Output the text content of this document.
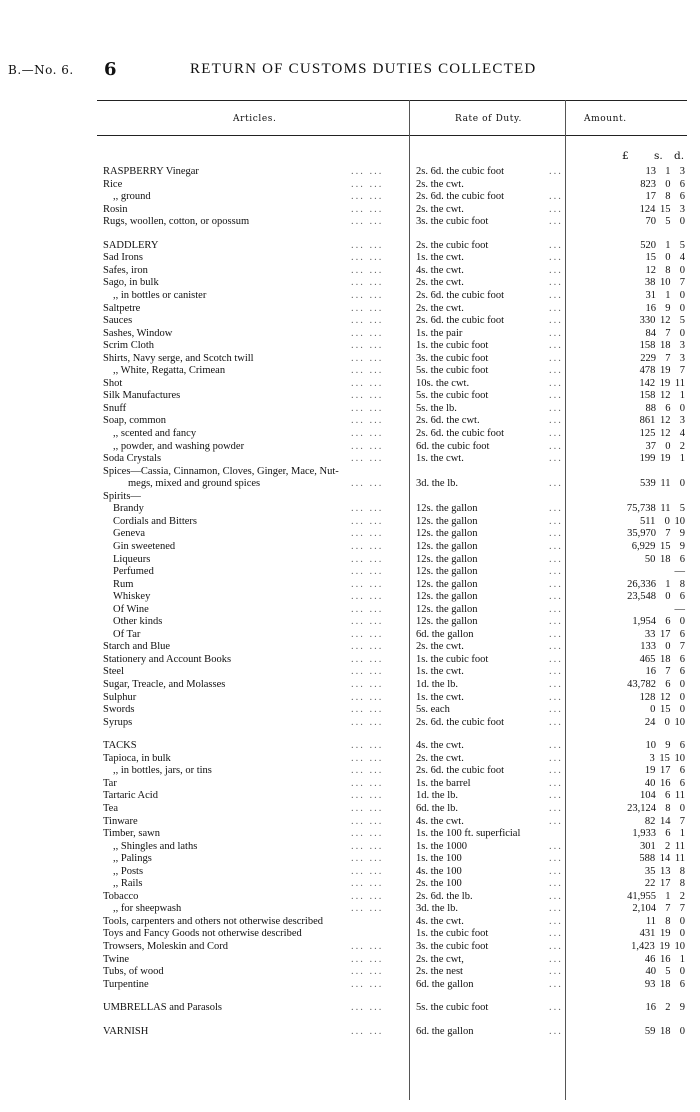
B.—No. 6. 6	RETURN OF CUSTOMS DUTIES COLLECTED
Articles.	Rate of Duty.	Amount.
£ s. d.
RASPBERRY Vinegar	... ...	2s. 6d. the cubic foot	...	13  1  3
Rice	... ...	2s. the cwt.	823  0  6
,, ground	... ...	2s. 6d. the cubic foot	...	17  8  6
Rosin	... ...	2s. the cwt.	...	124 15  3
Rugs, woollen, cotton, or opossum	... ...	3s. the cubic foot	...	70  5  0
SADDLERY	... ...	2s. the cubic foot	...	520  1  5
Sad Irons	... ...	1s. the cwt.	...	15  0  4
Safes, iron	... ...	4s. the cwt.	...	12  8  0
Sago, in bulk	... ...	2s. the cwt.	...	38 10  7
,, in bottles or canister	... ...	2s. 6d. the cubic foot	...	31  1  0
Saltpetre	... ...	2s. the cwt.	...	16  9  0
Sauces	... ...	2s. 6d. the cubic foot	...	330 12  5
Sashes, Window	... ...	1s. the pair	...	84  7  0
Scrim Cloth	... ...	1s. the cubic foot	...	158 18  3
Shirts, Navy serge, and Scotch twill	... ...	3s. the cubic foot	...	229  7  3
,, White, Regatta, Crimean	... ...	5s. the cubic foot	...	478 19  7
Shot	... ...	10s. the cwt.	...	142 19 11
Silk Manufactures	... ...	5s. the cubic foot	...	158 12  1
Snuff	... ...	5s. the lb.	...	88  6  0
Soap, common	... ...	2s. 6d. the cwt.	...	861 12  3
,, scented and fancy	... ...	2s. 6d. the cubic foot	...	125 12  4
,, powder, and washing powder	... ...	6d. the cubic foot	...	37  0  2
Soda Crystals	... ...	1s. the cwt.	...	199 19  1
Spices—Cassia, Cinnamon, Cloves, Ginger, Mace, Nut-
megs, mixed and ground spices	... ...	3d. the lb.	...	539 11  0
Spirits—
Brandy	... ...	12s. the gallon	...	75,738 11  5
Cordials and Bitters	... ...	12s. the gallon	...	511  0 10
Geneva	... ...	12s. the gallon	...	35,970  7  9
Gin sweetened	... ...	12s. the gallon	...	6,929 15  9
Liqueurs	... ...	12s. the gallon	...	50 18  6
Perfumed	... ...	12s. the gallon	...	—
Rum	... ...	12s. the gallon	...	26,336  1  8
Whiskey	... ...	12s. the gallon	...	23,548  0  6
Of Wine	... ...	12s. the gallon	...	—
Other kinds	... ...	12s. the gallon	...	1,954  6  0
Of Tar	... ...	6d. the gallon	...	33 17  6
Starch and Blue	... ...	2s. the cwt.	...	133  0  7
Stationery and Account Books	... ...	1s. the cubic foot	...	465 18  6
Steel	... ...	1s. the cwt.	...	16  7  6
Sugar, Treacle, and Molasses	... ...	1d. the lb.	...	43,782  6  0
Sulphur	... ...	1s. the cwt.	...	128 12  0
Swords	... ...	5s. each	...	0 15  0
Syrups	... ...	2s. 6d. the cubic foot	...	24  0 10
TACKS	... ...	4s. the cwt.	...	10  9  6
Tapioca, in bulk	... ...	2s. the cwt.	...	3 15 10
,, in bottles, jars, or tins	... ...	2s. 6d. the cubic foot	...	19 17  6
Tar	... ...	1s. the barrel	...	40 16  6
Tartaric Acid	... ...	1d. the lb.	...	104  6 11
Tea	... ...	6d. the lb.	...	23,124  8  0
Tinware	... ...	4s. the cwt.	...	82 14  7
Timber, sawn	... ...	1s. the 100 ft. superficial	1,933  6  1
,, Shingles and laths	... ...	1s. the 1000	...	301  2 11
,, Palings	... ...	1s. the 100	...	588 14 11
,, Posts	... ...	4s. the 100	...	35 13  8
,, Rails	... ...	2s. the 100	...	22 17  8
Tobacco	... ...	2s. 6d. the lb.	...	41,955  1  2
,, for sheepwash	... ...	3d. the lb.	...	2,104  7  7
Tools, carpenters and others not otherwise described	4s. the cwt.	...	11  8  0
Toys and Fancy Goods not otherwise described	1s. the cubic foot	...	431 19  0
Trowsers, Moleskin and Cord	... ...	3s. the cubic foot	...	1,423 19 10
Twine	... ...	2s. the cwt,	...	46 16  1
Tubs, of wood	... ...	2s. the nest	...	40  5  0
Turpentine	... ...	6d. the gallon	...	93 18  6
UMBRELLAS and Parasols	... ...	5s. the cubic foot	...	16  2  9
VARNISH	... ...	6d. the gallon	...	59 18  0
